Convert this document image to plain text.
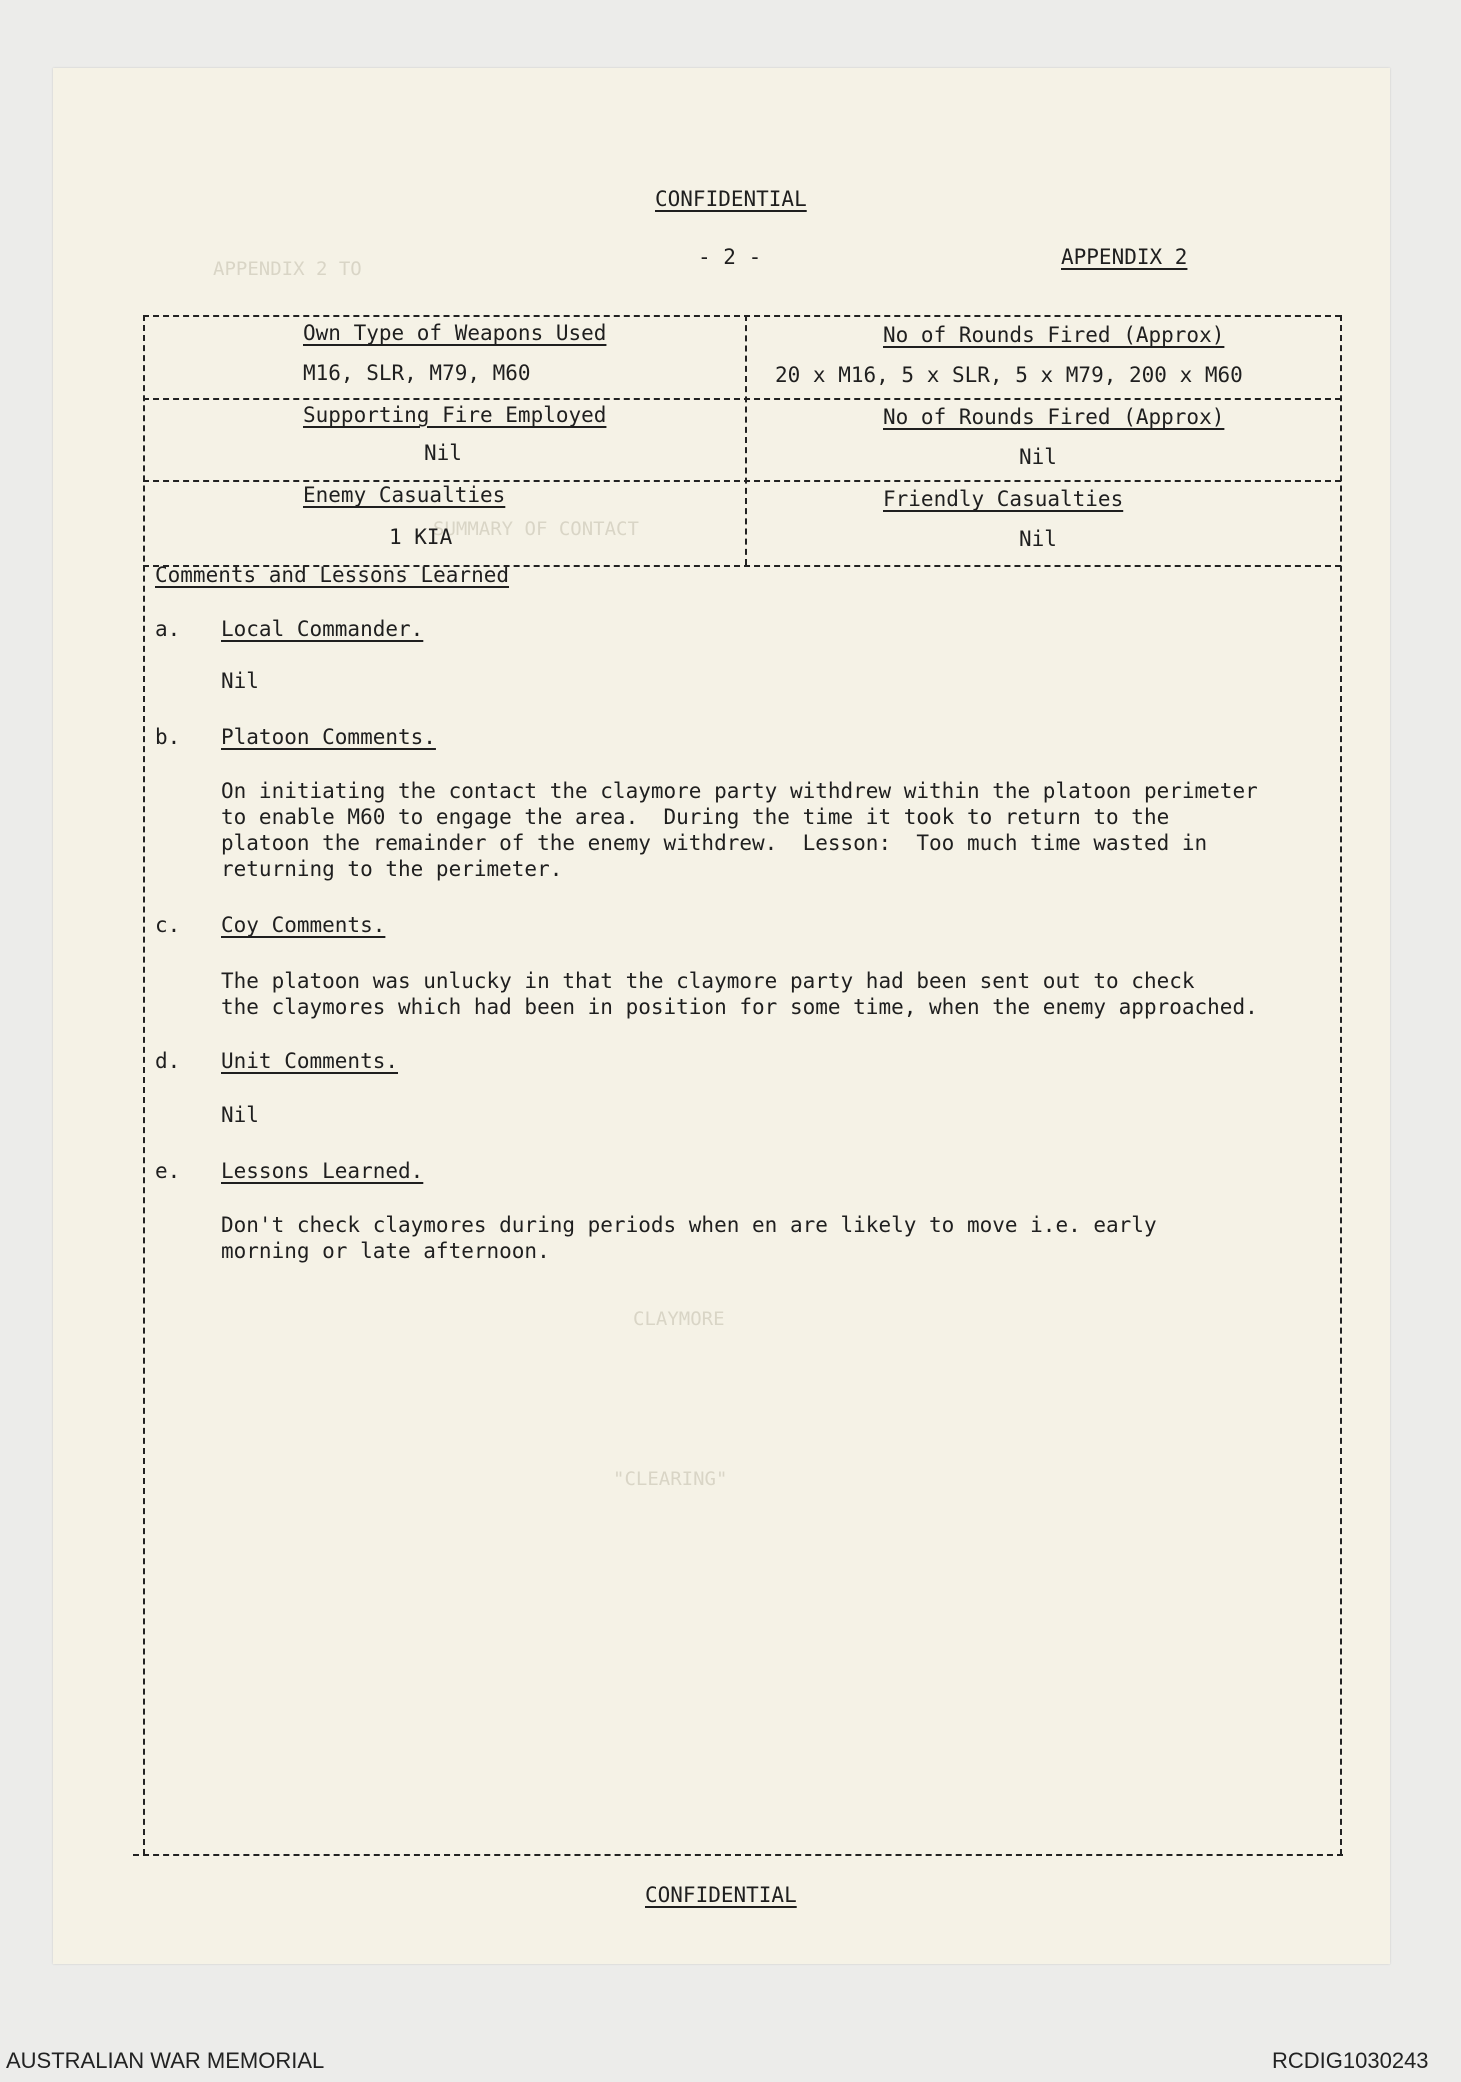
APPENDIX 2 TO
SUMMARY OF CONTACT
CLAYMORE
"CLEARING"
CONFIDENTIAL
- 2 -	APPENDIX 2
Own Type of Weapons Used
M16, SLR, M79, M60
No of Rounds Fired (Approx)
20 x M16, 5 x SLR, 5 x M79, 200 x M60
Supporting Fire Employed
Nil
No of Rounds Fired (Approx)
Nil
Enemy Casualties
1 KIA
Friendly Casualties
Nil
Comments and Lessons Learned
a. Local Commander.
Nil
b. Platoon Comments.
On initiating the contact the claymore party withdrew within the platoon perimeter
to enable M60 to engage the area.  During the time it took to return to the
platoon the remainder of the enemy withdrew.  Lesson:  Too much time wasted in
returning to the perimeter.
c. Coy Comments.
The platoon was unlucky in that the claymore party had been sent out to check
the claymores which had been in position for some time, when the enemy approached.
d. Unit Comments.
Nil
e. Lessons Learned.
Don't check claymores during periods when en are likely to move i.e. early
morning or late afternoon.
CONFIDENTIAL
AUSTRALIAN WAR MEMORIAL	RCDIG1030243
